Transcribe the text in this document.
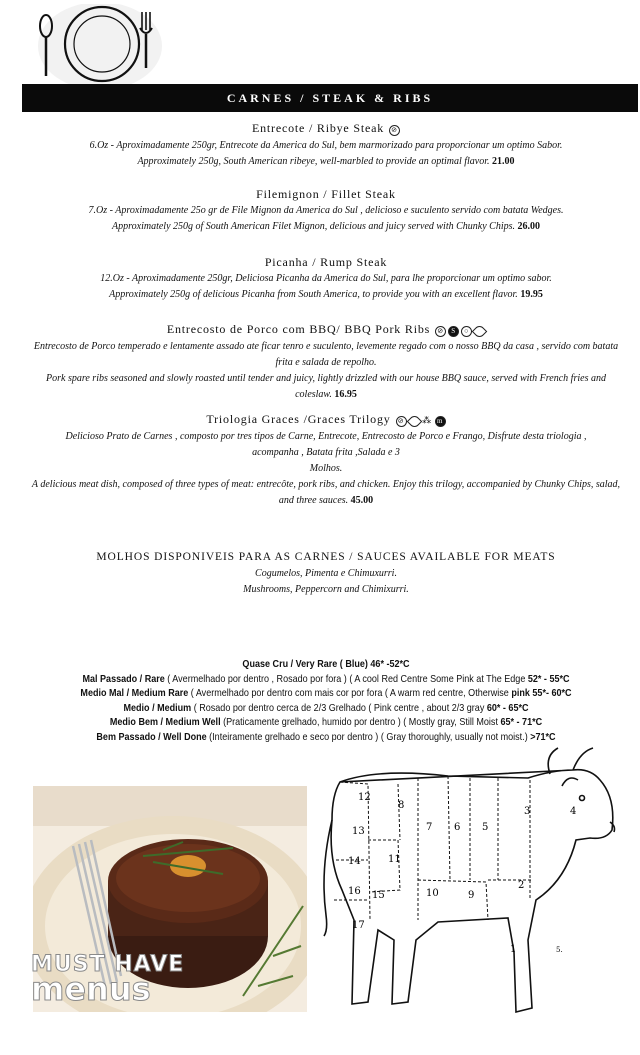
CARNES / STEAK & RIBS
Entrecote / Ribye Steak ⊘
6.Oz - Aproximadamente 250gr, Entrecote da America do Sul, bem marmorizado para proporcionar um optimo Sabor.
Approximately 250g, South American ribeye, well-marbled to provide an optimal flavor. 21.00
Filemignon / Fillet Steak
7.Oz - Aproximadamente 25o gr de File Mignon da America do Sul , delicioso e suculento servido com batata Wedges.
Approximately 250g of South American Filet Mignon, delicious and juicy served with Chunky Chips. 26.00
Picanha / Rump Steak
12.Oz - Aproximadamente 250gr, Deliciosa Picanha da America do Sul, para lhe proporcionar um optimo sabor.
Approximately 250g of delicious Picanha from South America, to provide you with an excellent flavor. 19.95
Entrecosto de Porco com BBQ/ BBQ Pork Ribs ⊘ S ○
Entrecosto de Porco temperado e lentamente assado ate ficar tenro e suculento, levemente regado com o nosso BBQ da casa , servido com batata
frita e salada de repolho.
Pork spare ribs seasoned and slowly roasted until tender and juicy, lightly drizzled with our house BBQ sauce, served with French fries and
coleslaw. 16.95
Triologia Graces /Graces Trilogy ⊘ ⁂ m
Delicioso Prato de Carnes , composto por tres tipos de Carne, Entrecote, Entrecosto de Porco e Frango, Disfrute desta triologia ,
acompanha , Batata frita ,Salada e 3
Molhos.
A delicious meat dish, composed of three types of meat: entrecôte, pork ribs, and chicken. Enjoy this trilogy, accompanied by Chunky Chips, salad,
and three sauces. 45.00
MOLHOS DISPONIVEIS PARA AS CARNES / SAUCES AVAILABLE FOR MEATS
Cogumelos, Pimenta e Chimuxurri.
Mushrooms, Peppercorn and Chimixurri.
Quase Cru / Very Rare ( Blue) 46* -52*C
Mal Passado / Rare ( Avermelhado por dentro , Rosado por fora ) ( A cool Red Centre Some Pink at The Edge 52* - 55*C
Medio Mal / Medium Rare ( Avermelhado por dentro com mais cor por fora ( A warm red centre, Otherwise pink 55*- 60*C
Medio / Medium ( Rosado por dentro cerca de 2/3 Grelhado ( Pink centre , about 2/3 gray 60* - 65*C
Medio Bem / Medium Well (Praticamente grelhado, humido por dentro ) ( Mostly gray, Still Moist 65* - 71*C
Bem Passado / Well Done (Inteiramente grelhado e seco por dentro ) ( Gray thoroughly, usually not moist.) >71*C
MUST HAVE
menus
12
8
13	7 6 5
3	4
14	11
2
16 15	10	9
17
1	5.
